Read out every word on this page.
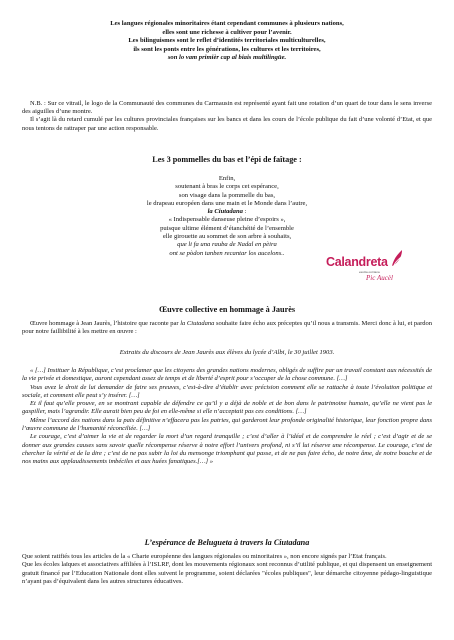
Les langues régionales minoritaires étant cependant communes à plusieurs nations,
elles sont une richesse à cultiver pour l’avenir.
Les bilinguismes sont le reflet d’identités territoriales multiculturelles,
ils sont les ponts entre les générations, les cultures et les territoires,
son lo vam primièr cap al biais multilingüe.

N.B. : Sur ce vitrail, le logo de la Communauté des communes du Carmausin est représenté ayant fait une rotation d’un quart de tour dans le sens inverse des aiguilles d’une montre.

Il s’agit là du retard cumulé par les cultures provinciales françaises sur les bancs et dans les cours de l’école publique du fait d’une volonté d’Etat, et que nous tentons de rattraper par une action responsable.

Les 3 pommelles du bas et l’épi de faîtage :
Enfin,
soutenant à bras le corps cet espérance,
son visage dans la pommelle du bas,
le drapeau européen dans une main et le Monde dans l’autre,
la Ciutadana :
« Indispensable danseuse pleine d’espoirs »,
puisque ultime élément d’étanchéité de l’ensemble
elle girouette au sommet de son arbre à souhaits,
que li fa una rauba de Nadal en pèira
ont se pòdon tanben recantar los aucelons..
Calandreta
escòla occitana
Pic Aucèl
Œuvre collective en hommage à Jaurès

Œuvre hommage à Jean Jaurès, l’histoire que raconte par la Ciutadana souhaite faire écho aux préceptes qu’il nous a transmis. Merci donc à lui, et pardon pour notre faillibilité à les mettre en œuvre :

Extraits du discours de Jean Jaurès aux élèves du lycée d’Albi, le 30 juillet 1903.

« […] Instituer la République, c’est proclamer que les citoyens des grandes nations modernes, obligés de suffire par un travail constant aux nécessités de la vie privée et domestique, auront cependant assez de temps et de liberté d’esprit pour s’occuper de la chose commune. […]

Vous avez le droit de lui demander de faire ses preuves, c’est-à-dire d’établir avec précision comment elle se rattache à toute l’évolution politique et sociale, et comment elle peut s’y insérer. […]

Et il faut qu’elle prouve, en se montrant capable de défendre ce qu’il y a déjà de noble et de bon dans le patrimoine humain, qu’elle ne vient pas le gaspiller, mais l’agrandir. Elle aurait bien peu de foi en elle-même si elle n’acceptait pas ces conditions. […]

Même l’accord des nations dans la paix définitive n’effacera pas les patries, qui garderont leur profonde originalité historique, leur fonction propre dans l’œuvre commune de l’humanité réconciliée. […]

Le courage, c’est d’aimer la vie et de regarder la mort d’un regard tranquille ; c’est d’aller à l’idéal et de comprendre le réel ; c’est d’agir et de se donner aux grandes causes sans savoir quelle récompense réserve à notre effort l’univers profond, ni s’il lui réserve une récompense. Le courage, c’est de chercher la vérité et de la dire ; c’est de ne pas subir la loi du mensonge triomphant qui passe, et de ne pas faire écho, de notre âme, de notre bouche et de nos mains aux applaudissements imbéciles et aux huées fanatiques.[…] »

L’espérance de Belugueta à travers la Ciutadana

Que soient ratifiés tous les articles de la « Charte européenne des langues régionales ou minoritaires », non encore signés par l’Etat français.

Que les écoles laïques et associatives affiliées à l’ISLRF, dont les mouvements régionaux sont reconnus d’utilité publique, et qui dispensent un enseignement gratuit financé par l’Education Nationale dont elles suivent le programme, soient déclarées "écoles publiques", leur démarche citoyenne pédago-linguistique n’ayant pas d’équivalent dans les autres structures éducatives.
